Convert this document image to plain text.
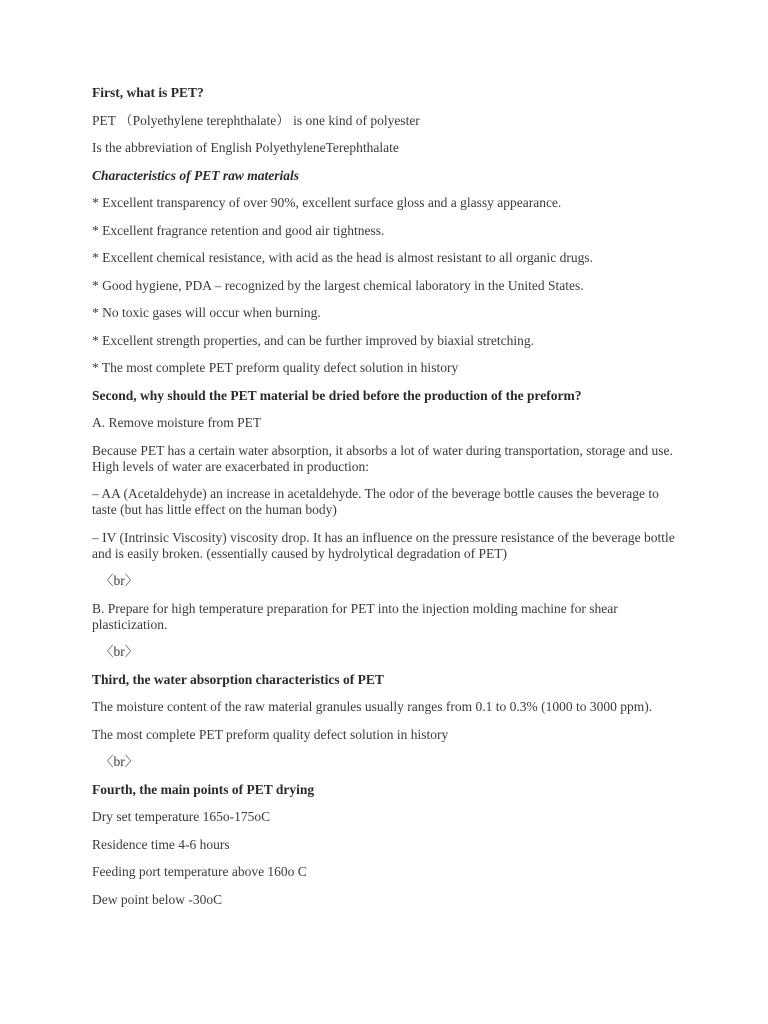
First, what is PET?

PET （Polyethylene terephthalate） is one kind of polyester

Is the abbreviation of English PolyethyleneTerephthalate

Characteristics of PET raw materials

* Excellent transparency of over 90%, excellent surface gloss and a glassy appearance.

* Excellent fragrance retention and good air tightness.

* Excellent chemical resistance, with acid as the head is almost resistant to all organic drugs.

* Good hygiene, PDA – recognized by the largest chemical laboratory in the United States.

* No toxic gases will occur when burning.

* Excellent strength properties, and can be further improved by biaxial stretching.

* The most complete PET preform quality defect solution in history

Second, why should the PET material be dried before the production of the preform?

A. Remove moisture from PET

Because PET has a certain water absorption, it absorbs a lot of water during transportation, storage and use. High levels of water are exacerbated in production:

– AA (Acetaldehyde) an increase in acetaldehyde. The odor of the beverage bottle causes the beverage to taste (but has little effect on the human body)

– IV (Intrinsic Viscosity) viscosity drop. It has an influence on the pressure resistance of the beverage bottle and is easily broken. (essentially caused by hydrolytical degradation of PET)

〈br〉

B. Prepare for high temperature preparation for PET into the injection molding machine for shear plasticization.

〈br〉

Third, the water absorption characteristics of PET

The moisture content of the raw material granules usually ranges from 0.1 to 0.3% (1000 to 3000 ppm).

The most complete PET preform quality defect solution in history

〈br〉

Fourth, the main points of PET drying

Dry set temperature 165o-175oC

Residence time 4-6 hours

Feeding port temperature above 160o C

Dew point below -30oC
